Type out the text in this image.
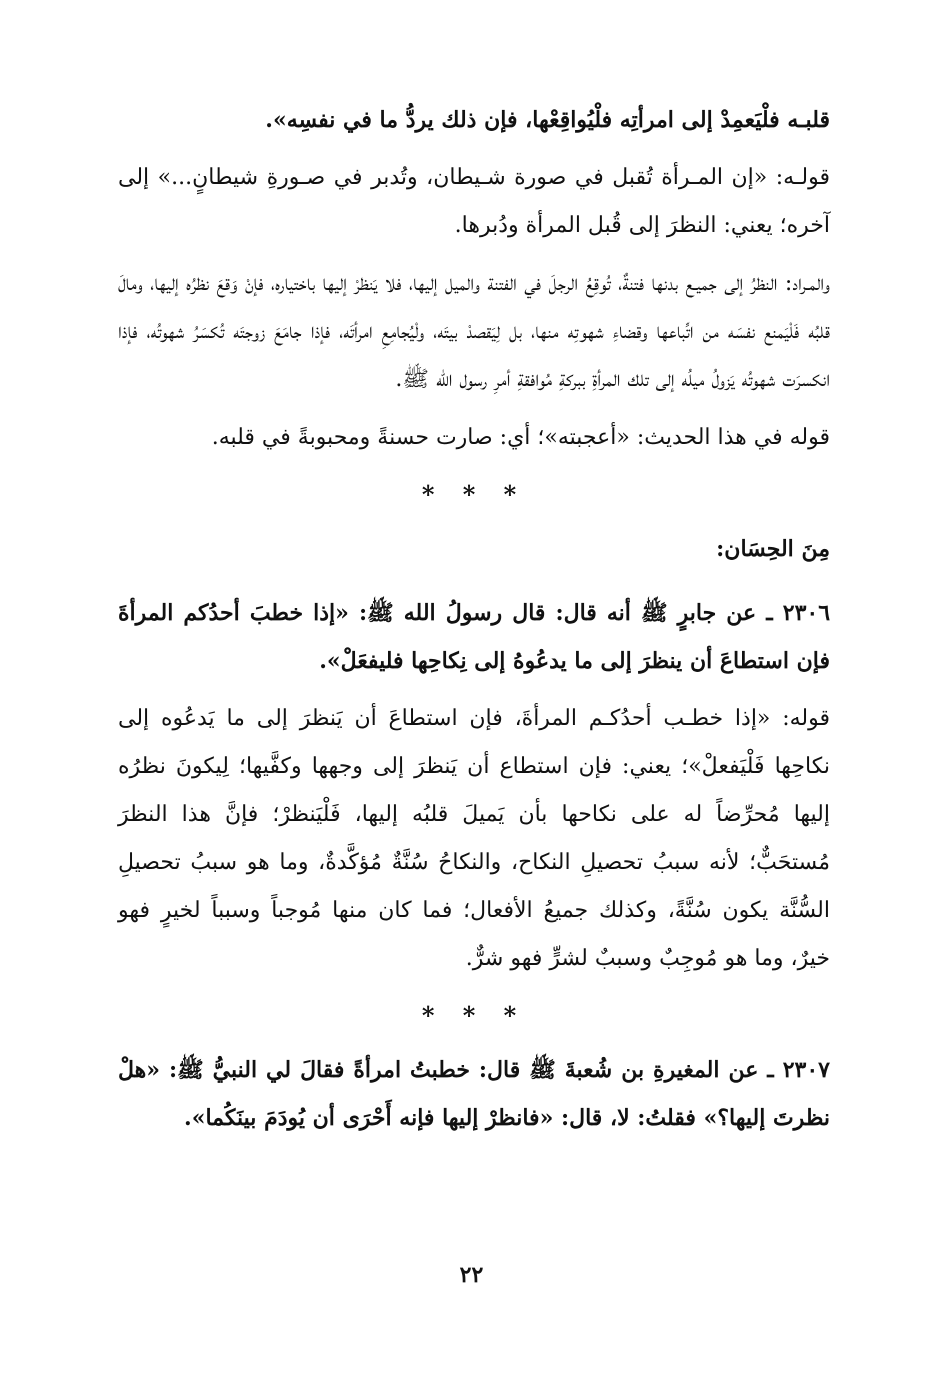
قلبـه فلْيَعمِدْ إلى امرأتِه فلْيُواقِعْها، فإن ذلك يردُّ ما في نفسِه».

قولـه: «إن المـرأة تُقبل في صورة شـيطان، وتُدبر في صـورةِ شيطانٍ...» إلى آخره؛ يعني: النظرَ إلى قُبل المرأة ودُبرها.

والمـراد: النظرُ إلى جميـع بدنها فتنةٌ، تُوقِعُ الرجلَ في الفتنة والميل إليها، فلا يَنظرْ إليها باختياره، فإنْ وَقعَ نظرُه إليها، ومالَ قلبُه فَلْيَمنع نفسَه من اتِّباعها وقضاءِ شهوتِه منها، بل لِيَقصدْ بيتَه، ولْيُجامِعِ امرأتَه، فإذا جامَعَ زوجتَه تُكسَرُ شهوتُه، فإذا انكسرَت شهوتُه يَزولُ ميلُه إلى تلك المرأةِ ببركةِ مُوافقةِ أمرِ رسول الله ﷺ.

قوله في هذا الحديث: «أعجبته»؛ أي: صارت حسنةً ومحبوبةً في قلبه.

* * *

مِنَ الحِسَان:

٢٣٠٦ ـ عن جابرٍ ﷺ أنه قال: قال رسولُ الله ﷺ: «إذا خطبَ أحدُكم المرأةَ فإن استطاعَ أن ينظرَ إلى ما يدعُوهُ إلى نِكاحِها فليفعَلْ».

قوله: «إذا خطـب أحدُكـم المرأةَ، فإن استطاعَ أن يَنظرَ إلى ما يَدعُوه إلى نكاحِها فَلْيَفعلْ»؛ يعني: فإن استطاع أن يَنظرَ إلى وجهها وكفَّيها؛ لِيكونَ نظرُه إليها مُحرِّضاً له على نكاحها بأن يَميلَ قلبُه إليها، فَلْيَنظرْ؛ فإنَّ هذا النظرَ مُستحَبٌّ؛ لأنه سببُ تحصيلِ النكاح، والنكاحُ سُنَّةٌ مُؤكَّدةٌ، وما هو سببُ تحصيلِ السُّنَّة يكون سُنَّةً، وكذلك جميعُ الأفعال؛ فما كان منها مُوجباً وسبباً لخيرٍ فهو خيرٌ، وما هو مُوجِبٌ وسببٌ لشرٍّ فهو شرٌّ.

* * *

٢٣٠٧ ـ عن المغيرةِ بن شُعبةَ ﷺ قال: خطبتُ امرأةً فقالَ لي النبيُّ ﷺ: «هلْ نظرتَ إليها؟» فقلتُ: لا، قال: «فانظرْ إليها فإنه أَحْرَى أن يُودَمَ بينَكُما».

٢٢
